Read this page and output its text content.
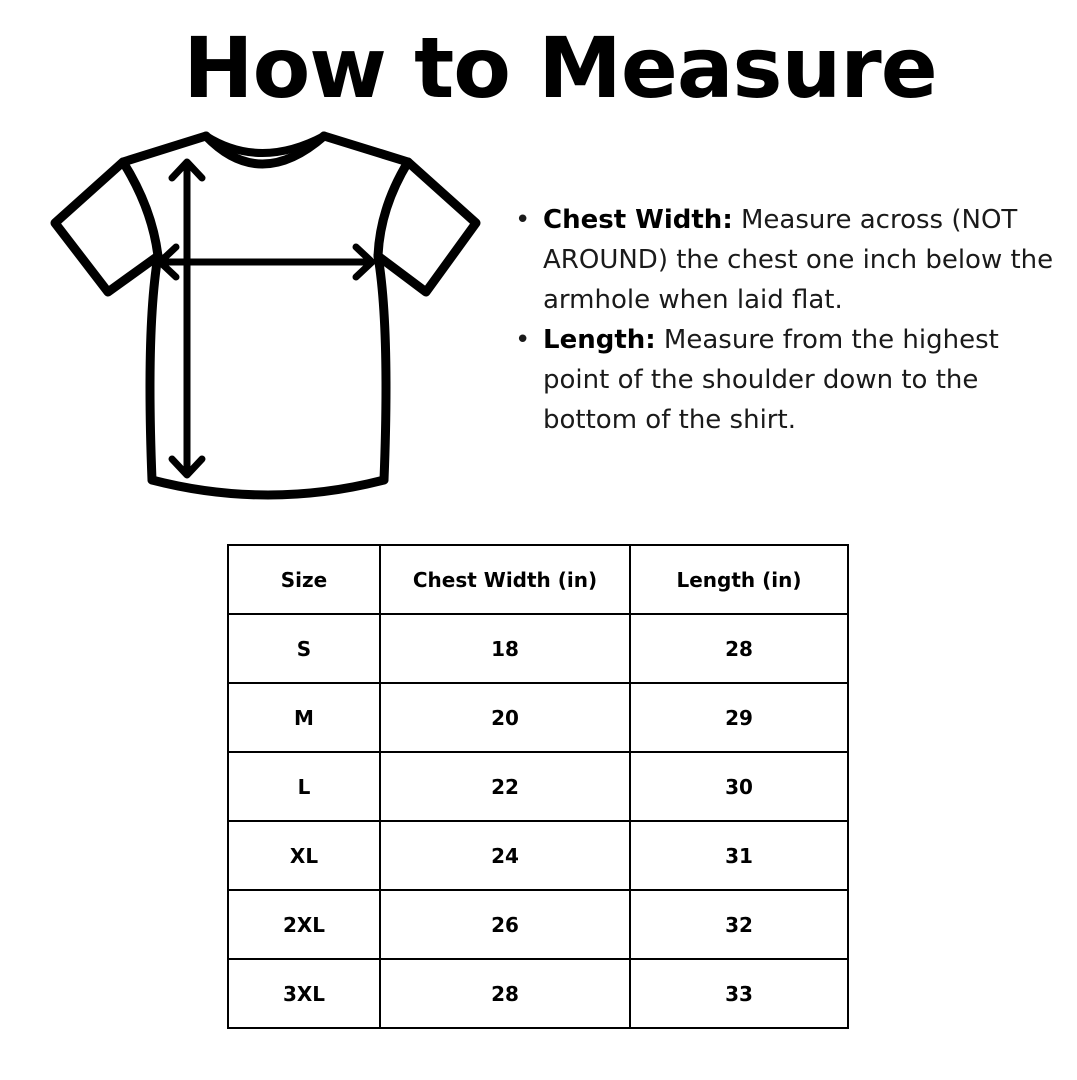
How to Measure
• Chest Width: Measure across (NOT AROUND) the chest one inch below the armhole when laid flat.
• Length: Measure from the highest point of the shoulder down to the bottom of the shirt.
Size	Chest Width (in)	Length (in)
S	18	28
M	20	29
L	22	30
XL	24	31
2XL	26	32
3XL	28	33
